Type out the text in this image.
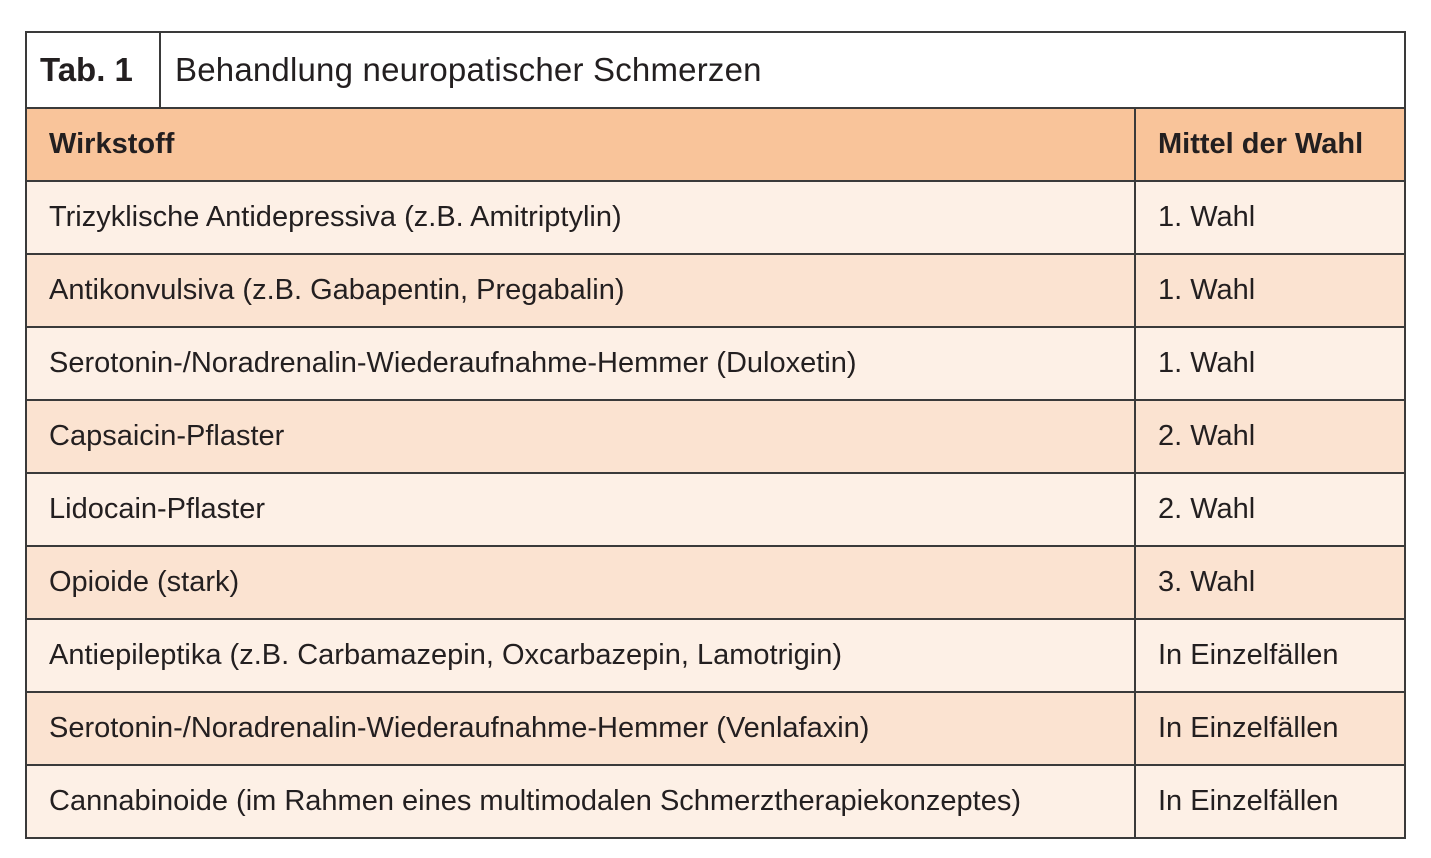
Tab. 1	Behandlung neuropatischer Schmerzen
Wirkstoff	Mittel der Wahl
Trizyklische Antidepressiva (z.B. Amitriptylin)	1. Wahl
Antikonvulsiva (z.B. Gabapentin, Pregabalin)	1. Wahl
Serotonin-/Noradrenalin-Wiederaufnahme-Hemmer (Duloxetin)	1. Wahl
Capsaicin-Pflaster	2. Wahl
Lidocain-Pflaster	2. Wahl
Opioide (stark)	3. Wahl
Antiepileptika (z.B. Carbamazepin, Oxcarbazepin, Lamotrigin)	In Einzelfällen
Serotonin-/Noradrenalin-Wiederaufnahme-Hemmer (Venlafaxin)	In Einzelfällen
Cannabinoide (im Rahmen eines multimodalen Schmerztherapiekonzeptes)	In Einzelfällen
